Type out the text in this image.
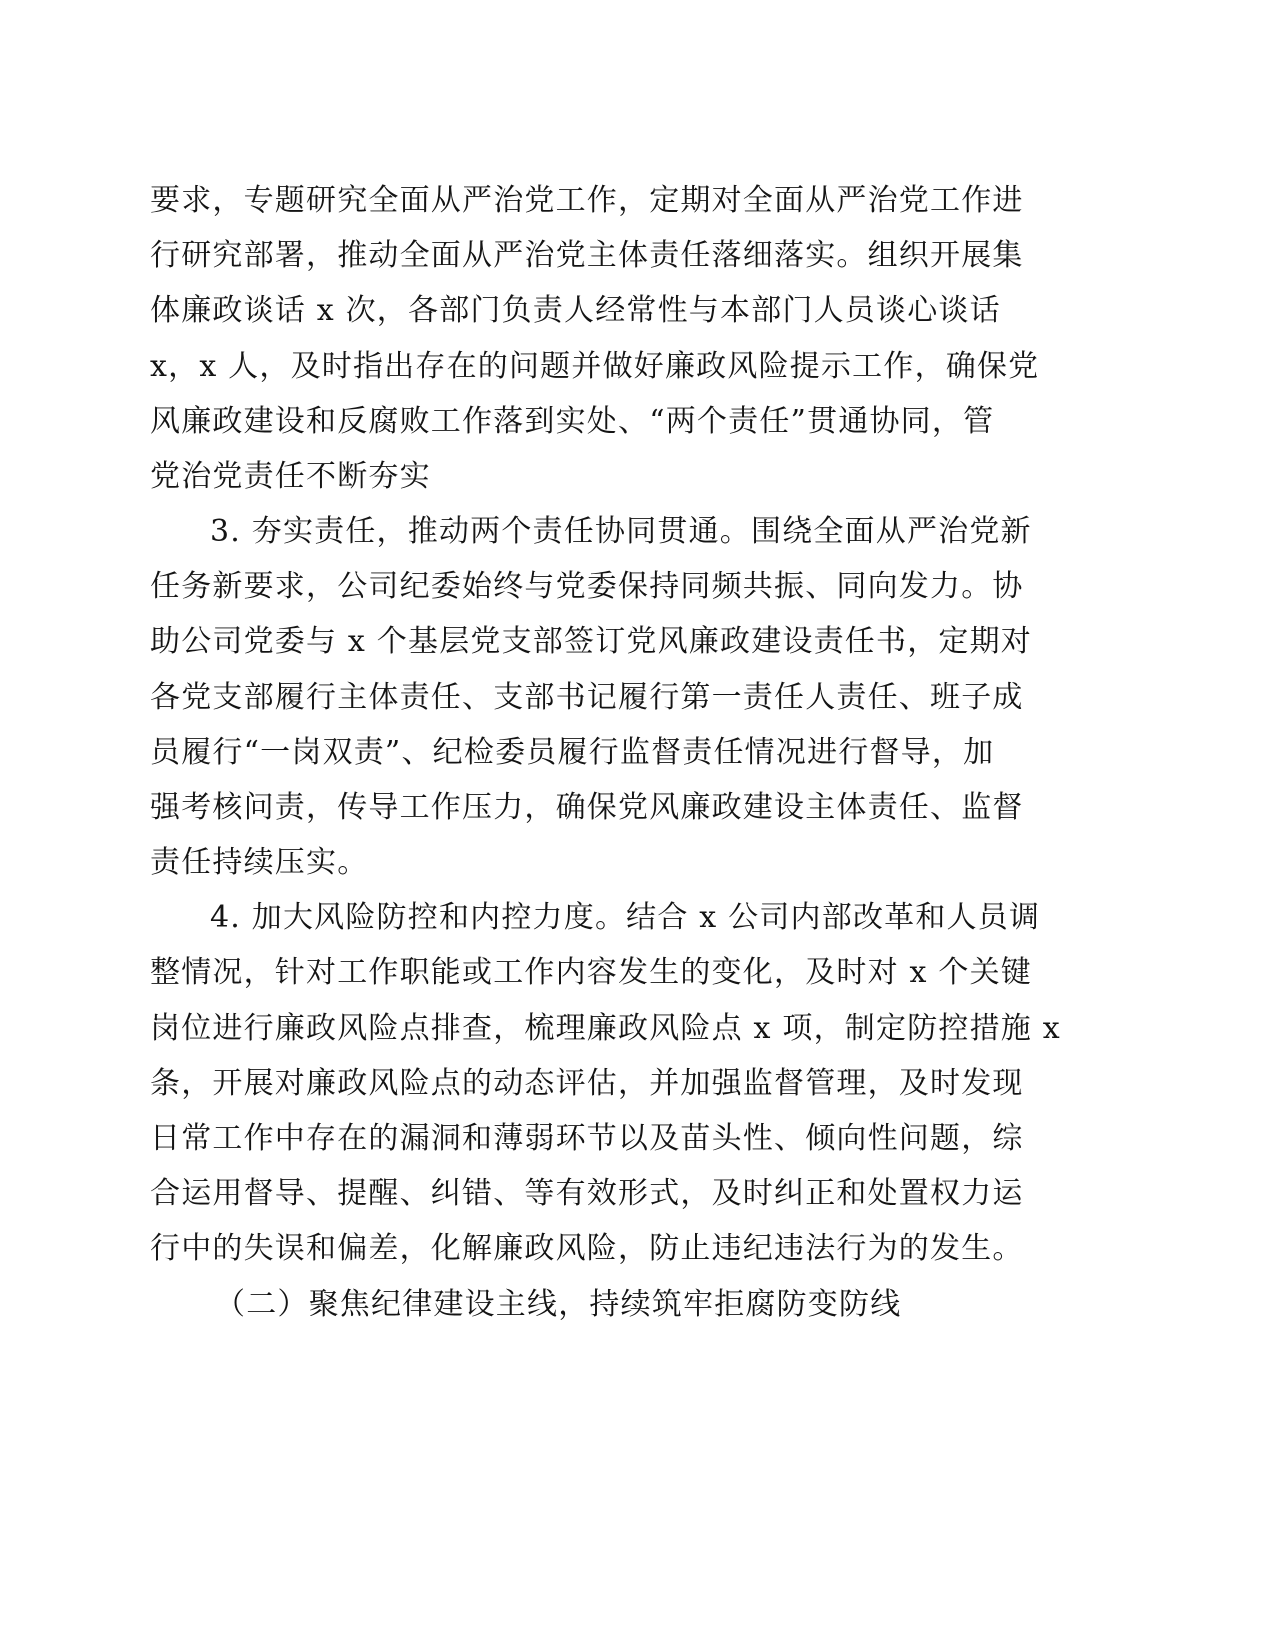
要求，专题研究全面从严治党工作，定期对全面从严治党工作进
行研究部署，推动全面从严治党主体责任落细落实。组织开展集
体廉政谈话 x 次，各部门负责人经常性与本部门人员谈心谈话
x，x 人，及时指出存在的问题并做好廉政风险提示工作，确保党
风廉政建设和反腐败工作落到实处、“两个责任”贯通协同，管
党治党责任不断夯实
3. 夯实责任，推动两个责任协同贯通。围绕全面从严治党新
任务新要求，公司纪委始终与党委保持同频共振、同向发力。协
助公司党委与 x 个基层党支部签订党风廉政建设责任书，定期对
各党支部履行主体责任、支部书记履行第一责任人责任、班子成
员履行“一岗双责”、纪检委员履行监督责任情况进行督导，加
强考核问责，传导工作压力，确保党风廉政建设主体责任、监督
责任持续压实。
4. 加大风险防控和内控力度。结合 x 公司内部改革和人员调
整情况，针对工作职能或工作内容发生的变化，及时对 x 个关键
岗位进行廉政风险点排查，梳理廉政风险点 x 项，制定防控措施 x
条，开展对廉政风险点的动态评估，并加强监督管理，及时发现
日常工作中存在的漏洞和薄弱环节以及苗头性、倾向性问题，综
合运用督导、提醒、纠错、等有效形式，及时纠正和处置权力运
行中的失误和偏差，化解廉政风险，防止违纪违法行为的发生。
（二）聚焦纪律建设主线，持续筑牢拒腐防变防线
